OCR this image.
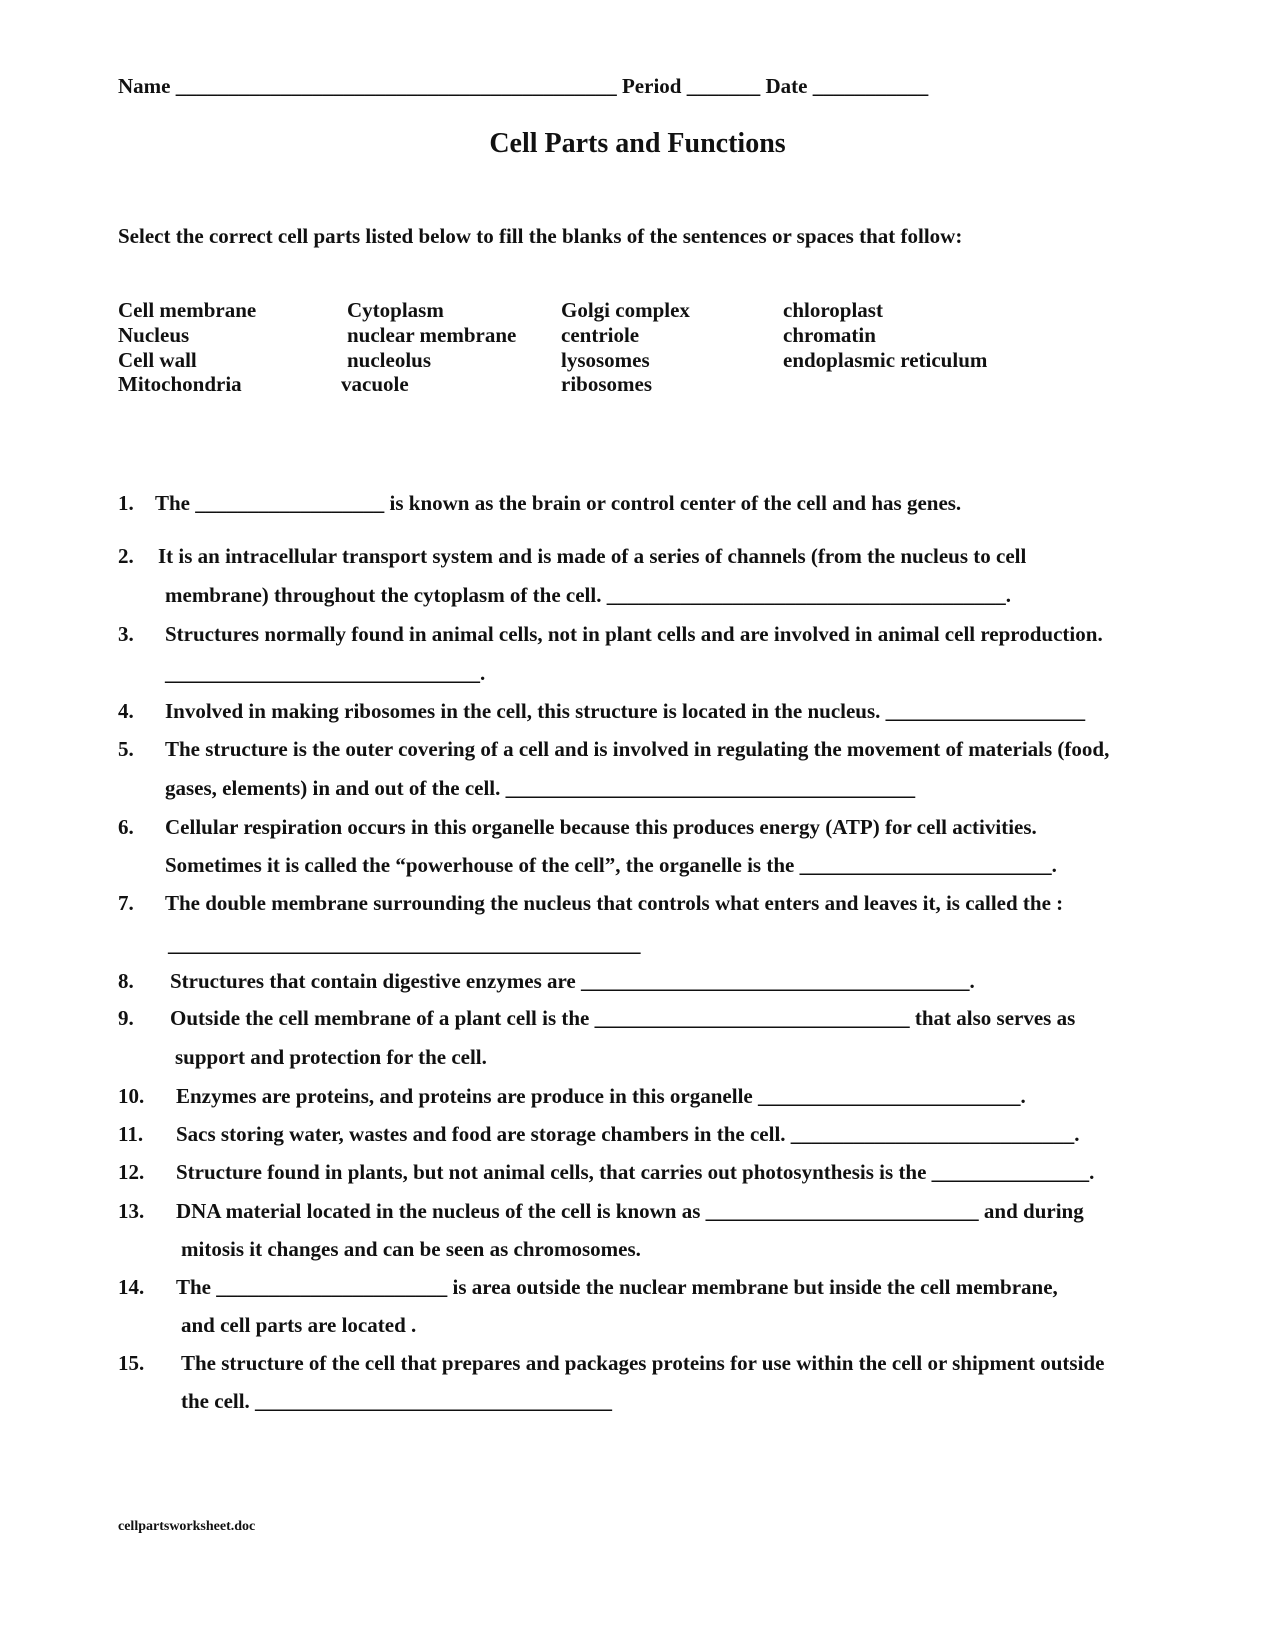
Name __________________________________________ Period _______ Date ___________
Cell Parts and Functions
Select the correct cell parts listed below to fill the blanks of the sentences or spaces that follow:
Cell membrane
Nucleus
Cell wall
Mitochondria
Cytoplasm
nuclear membrane
nucleolus
vacuole
Golgi complex
centriole
lysosomes
ribosomes
chloroplast
chromatin
endoplasmic reticulum
1. The __________________ is known as the brain or control center of the cell and has genes.
2. It is an intracellular transport system and is made of a series of channels (from the nucleus to cell
membrane) throughout the cytoplasm of the cell. ______________________________________.
3. Structures normally found in animal cells, not in plant cells and are involved in animal cell reproduction.
______________________________.
4. Involved in making ribosomes in the cell, this structure is located in the nucleus. ___________________
5. The structure is the outer covering of a cell and is involved in regulating the movement of materials (food,
gases, elements) in and out of the cell. _______________________________________
6. Cellular respiration occurs in this organelle because this produces energy (ATP) for cell activities.
Sometimes it is called the “powerhouse of the cell”, the organelle is the ________________________.
7. The double membrane surrounding the nucleus that controls what enters and leaves it, is called the :
_____________________________________________
8. Structures that contain digestive enzymes are _____________________________________.
9. Outside the cell membrane of a plant cell is the ______________________________ that also serves as
support and protection for the cell.
10. Enzymes are proteins, and proteins are produce in this organelle _________________________.
11. Sacs storing water, wastes and food are storage chambers in the cell. ___________________________.
12. Structure found in plants, but not animal cells, that carries out photosynthesis is the _______________.
13. DNA material located in the nucleus of the cell is known as __________________________ and during
mitosis it changes and can be seen as chromosomes.
14. The ______________________ is area outside the nuclear membrane but inside the cell membrane,
and cell parts are located .
15. The structure of the cell that prepares and packages proteins for use within the cell or shipment outside
the cell. __________________________________
cellpartsworksheet.doc
